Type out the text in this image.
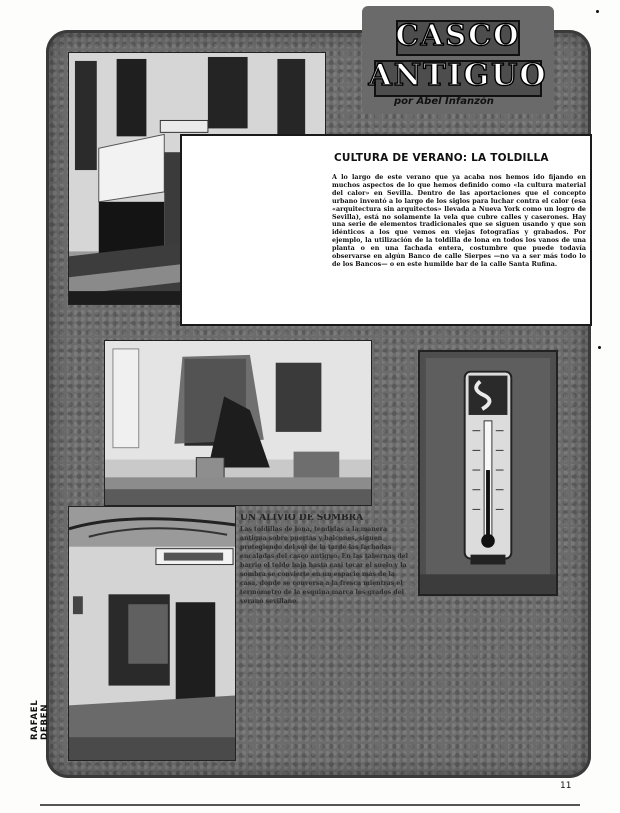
CASCO
ANTIGUO
por Abel Infanzón
CULTURA DE VERANO: LA TOLDILLA
A lo largo de este verano que ya acaba nos hemos ido fijando en muchos aspectos de lo que hemos definido como «la cultura material del calor» en Sevilla. Dentro de las aportaciones que el concepto urbano inventó a lo largo de los siglos para luchar contra el calor (esa «arquitectura sin arquitectos» llevada a Nueva York como un logro de Sevilla), está no solamente la vela que cubre calles y caserones. Hay una serie de elementos tradicionales que se siguen usando y que son idénticos a los que vemos en viejas fotografías y grabados. Por ejemplo, la utilización de la toldilla de lona en todos los vanos de una planta o en una fachada entera, costumbre que puede todavía observarse en algún Banco de calle Sierpes —no va a ser más todo lo de los Bancos— o en este humilde bar de la calle Santa Rufina.
UN ALIVIO DE SOMBRA
Las toldillas de lona, tendidas a la manera antigua sobre puertas y balcones, siguen protegiendo del sol de la tarde las fachadas encaladas del casco antiguo. En las tabernas del barrio el toldo baja hasta casi tocar el suelo y la sombra se convierte en un espacio más de la casa, donde se conversa a la fresca mientras el termómetro de la esquina marca los grados del verano sevillano.
RAFAEL DEBEN
11
